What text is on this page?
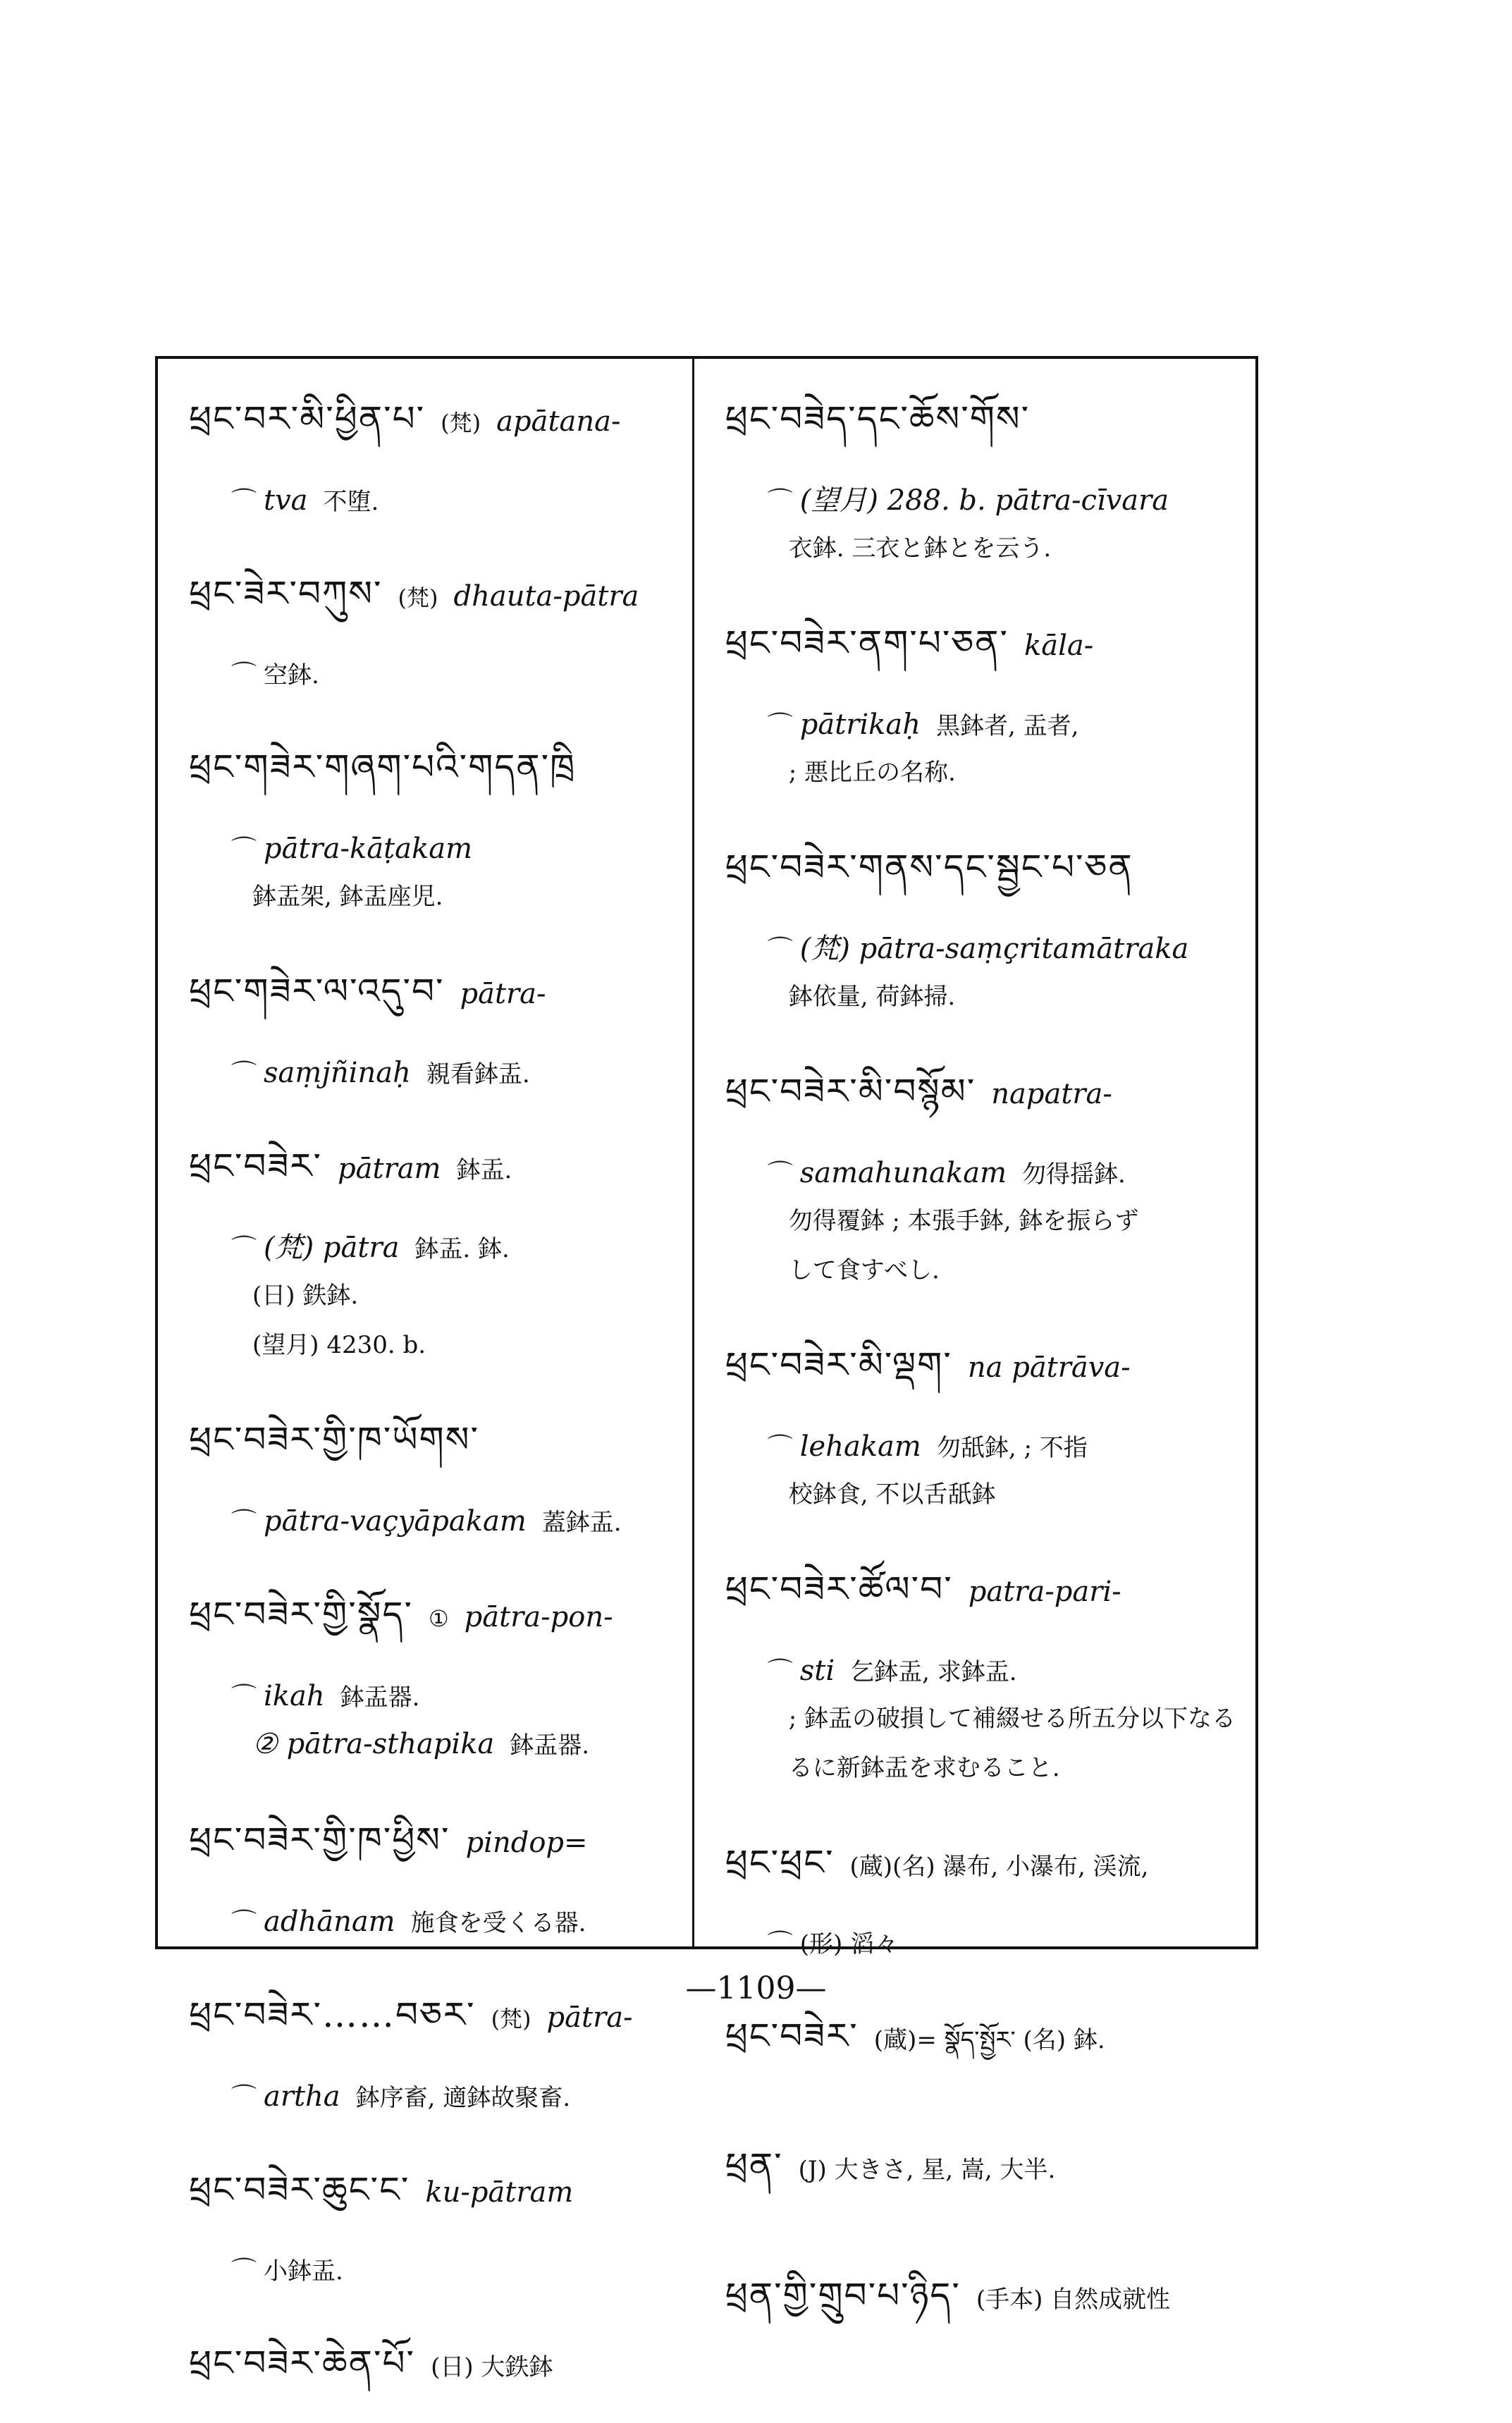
ཕྲང་བར་མི་ཕྱིན་པ་ (梵) apātana-
⌒ tva 不堕.
ཕྲང་ཟེར་བཀུས་ (梵) dhauta-pātra
⌒ 空鉢.
ཕྲང་གཟེར་གཞག་པའི་གདན་ཁྲི
⌒ pātra-kāṭakam
鉢盂架, 鉢盂座児.
ཕྲང་གཟེར་ལ་འདུ་བ་ pātra-
⌒ saṃjñinaḥ 親看鉢盂.
ཕྲང་བཟེར་ pātram 鉢盂.
⌒ (梵) pātra 鉢盂. 鉢.
(日) 鉄鉢.
(望月) 4230. b.
ཕྲང་བཟེར་གྱི་ཁ་ཡོགས་
⌒ pātra-vaçyāpakam 蓋鉢盂.
ཕྲང་བཟེར་གྱི་སྣོད་ ① pātra-pon-
⌒ ikah 鉢盂器.
② pātra-sthapika 鉢盂器.
ཕྲང་བཟེར་གྱི་ཁ་ཕྱིས་ pindop=
⌒ adhānam 施食を受くる器.
ཕྲང་བཟེར་……བཅར་ (梵) pātra-
⌒ artha 鉢序畜, 適鉢故聚畜.
ཕྲང་བཟེར་ཆུང་ང་ ku-pātram
⌒ 小鉢盂.
ཕྲང་བཟེར་ཆེན་པོ་ (日) 大鉄鉢
ཕྲང་བཟེད་དང་ཆོས་གོས་
⌒ (望月) 288. b. pātra-cīvara
衣鉢. 三衣と鉢とを云う.
ཕྲང་བཟེར་ནག་པ་ཅན་ kāla-
⌒ pātrikaḥ 黒鉢者, 盂者,
; 悪比丘の名称.
ཕྲང་བཟེར་གནས་དང་སྦྱང་པ་ཅན
⌒ (梵) pātra-saṃçritamātraka
鉢依量, 荷鉢掃.
ཕྲང་བཟེར་མི་བསྙོམ་ napatra-
⌒ samahunakam 勿得揺鉢.
勿得覆鉢 ; 本張手鉢, 鉢を振らず
して食すべし.
ཕྲང་བཟེར་མི་ལྡག་ na pātrāva-
⌒ lehakam 勿舐鉢, ; 不指
校鉢食, 不以舌舐鉢
ཕྲང་བཟེར་ཚོལ་བ་ patra-pari-
⌒ sti 乞鉢盂, 求鉢盂.
; 鉢盂の破損して補綴せる所五分以下なる
るに新鉢盂を求むること.
ཕྲང་ཕྲང་ (蔵)(名) 瀑布, 小瀑布, 渓流,
⌒ (形) 滔々
ཕྲང་བཟེར་ (蔵)= སྣོད་སྤྱོར་ (名) 鉢.
ཕྲན་ (J) 大きさ, 星, 嵩, 大半.
ཕྲན་གྱི་གྲུབ་པ་ཉིད་ (手本) 自然成就性
—1109—
